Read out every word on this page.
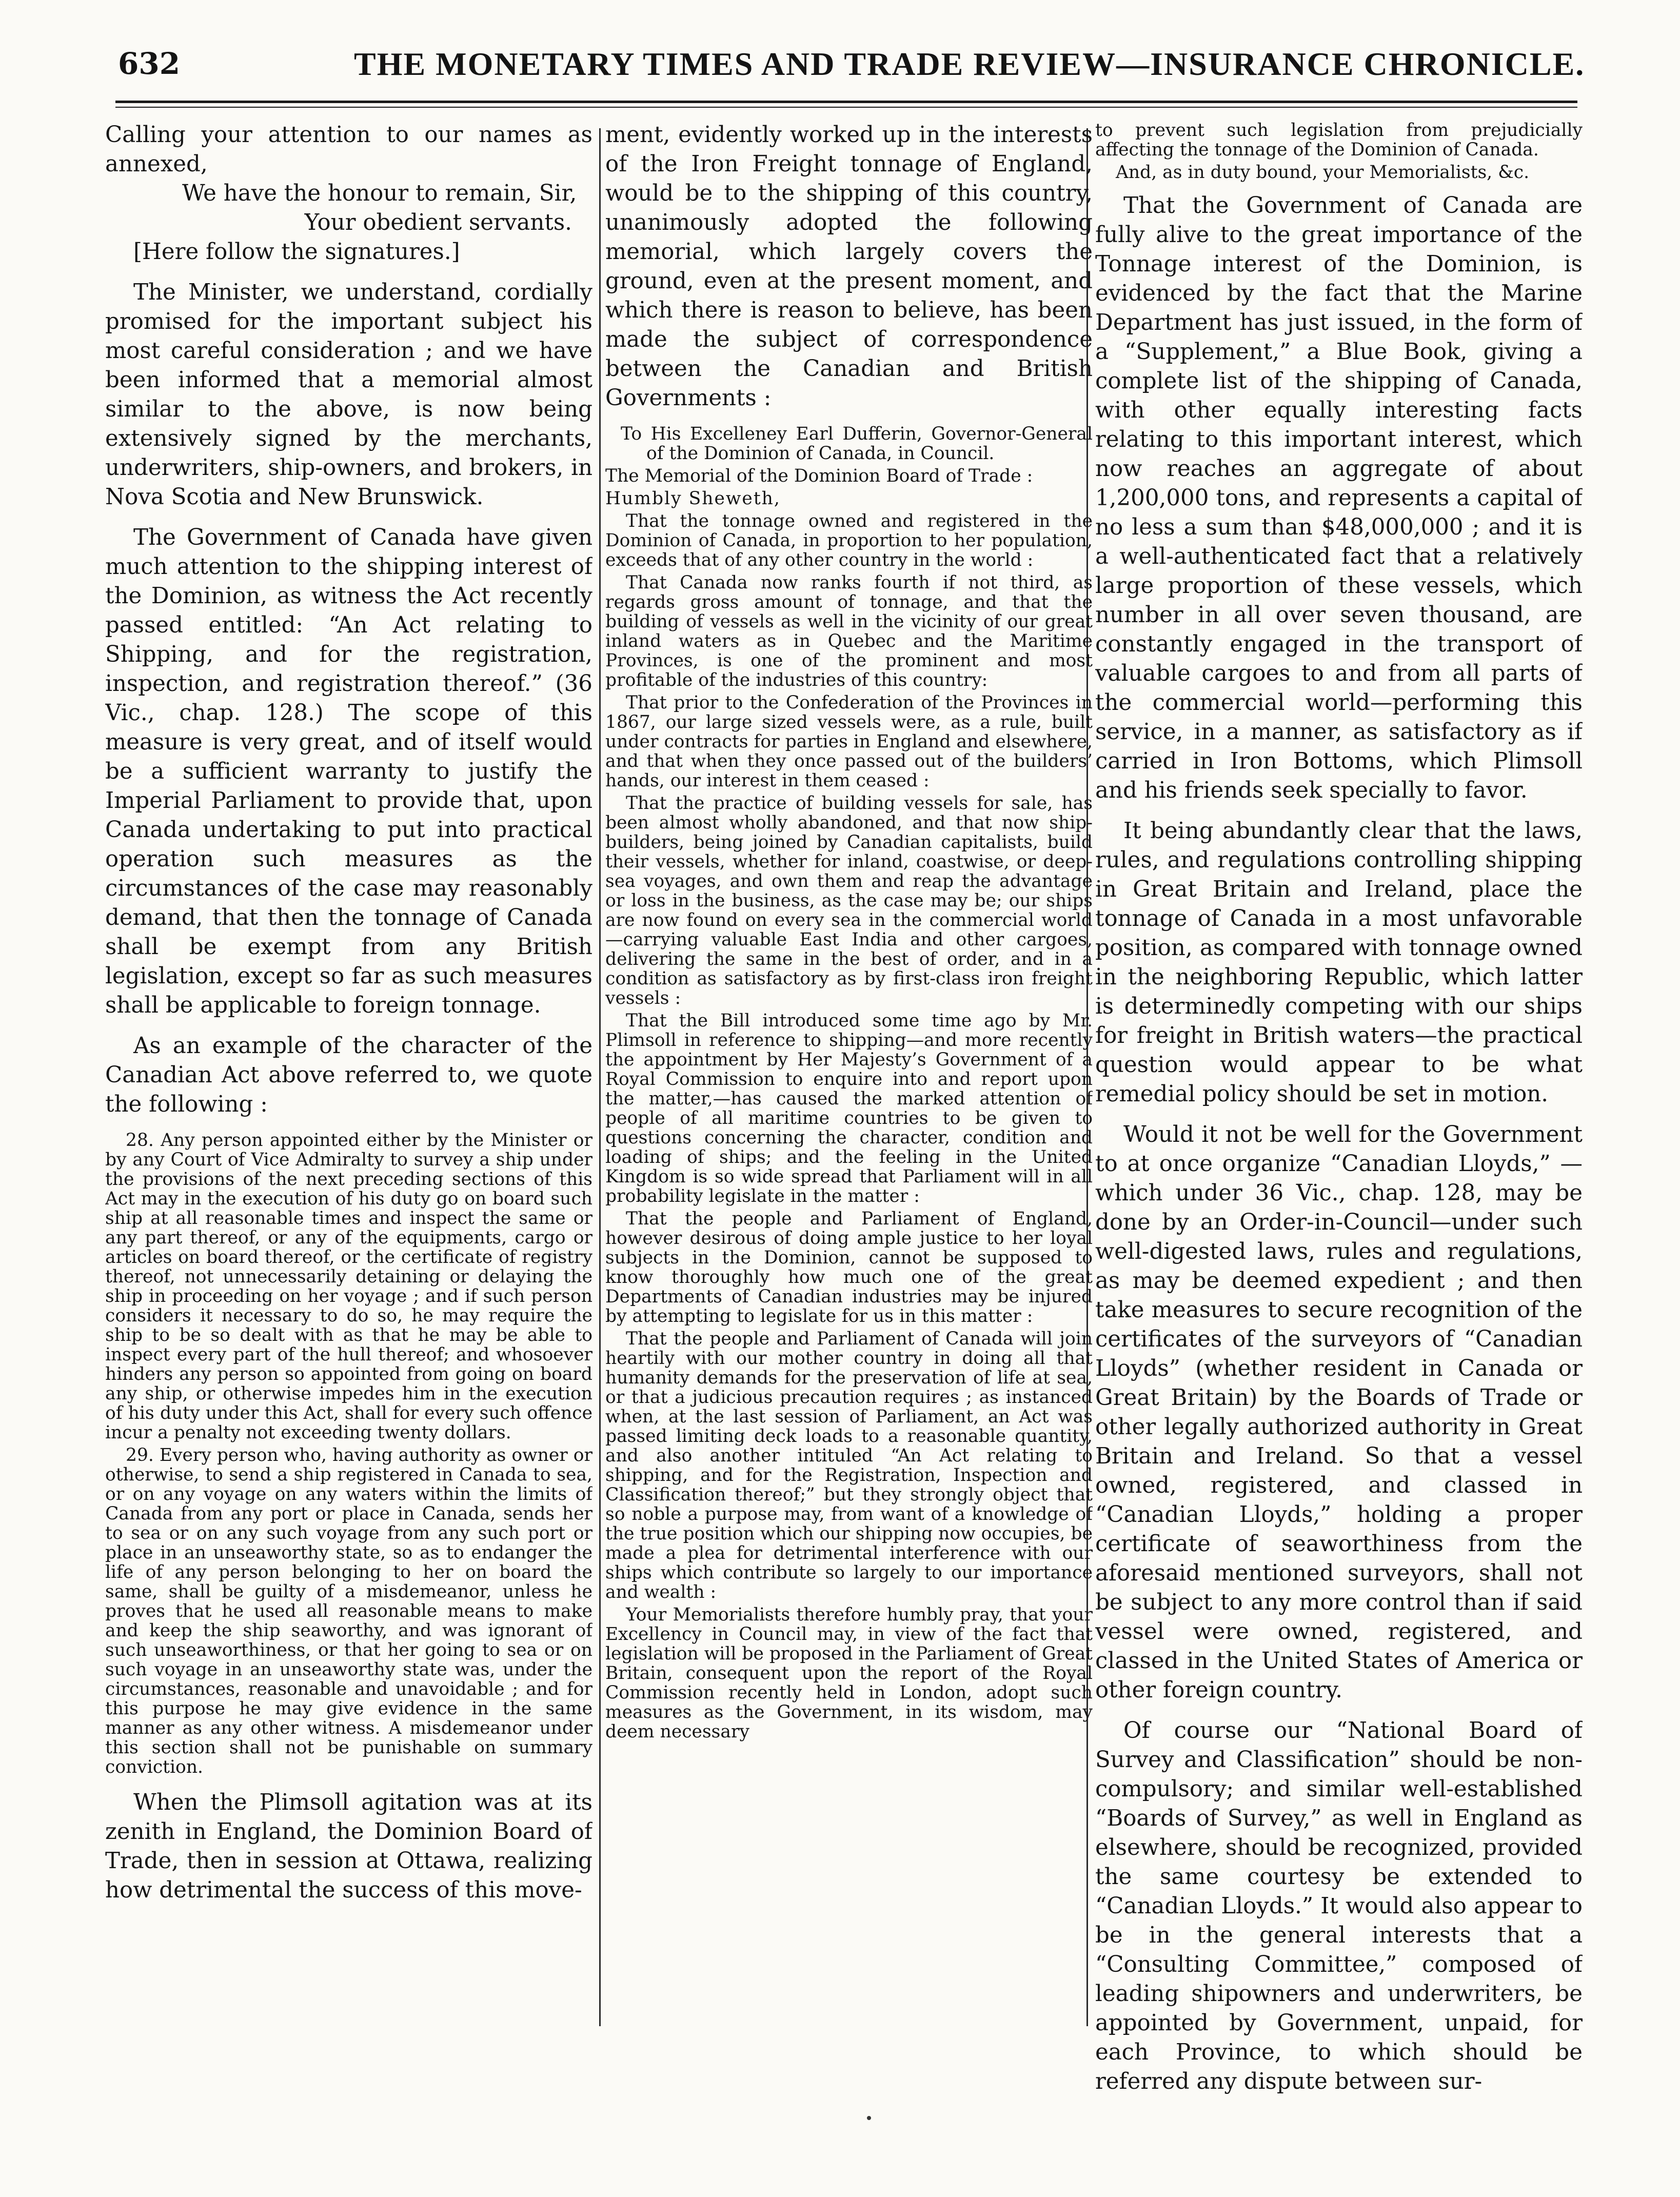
632	THE MONETARY TIMES AND TRADE REVIEW—INSURANCE CHRONICLE.

Calling your attention to our names as annexed,

We have the honour to remain, Sir,

Your obedient servants.

[Here follow the signatures.]

The Minister, we understand, cordially promised for the important subject his most careful consideration ; and we have been informed that a memorial almost similar to the above, is now being extensively signed by the merchants, underwriters, ship-owners, and brokers, in Nova Scotia and New Brunswick.

The Government of Canada have given much attention to the shipping interest of the Dominion, as witness the Act recently passed entitled: “An Act relating to Shipping, and for the registration, inspection, and registration thereof.” (36 Vic., chap. 128.) The scope of this measure is very great, and of itself would be a sufficient warranty to justify the Imperial Parliament to provide that, upon Canada undertaking to put into practical operation such measures as the circumstances of the case may reasonably demand, that then the tonnage of Canada shall be exempt from any British legislation, except so far as such measures shall be applicable to foreign tonnage.

As an example of the character of the Canadian Act above referred to, we quote the following :

28. Any person appointed either by the Minister or by any Court of Vice Admiralty to survey a ship under the provisions of the next preceding sections of this Act may in the execution of his duty go on board such ship at all reasonable times and inspect the same or any part thereof, or any of the equipments, cargo or articles on board thereof, or the certificate of registry thereof, not unnecessarily detaining or delaying the ship in proceeding on her voyage ; and if such person considers it necessary to do so, he may require the ship to be so dealt with as that he may be able to inspect every part of the hull thereof; and whosoever hinders any person so appointed from going on board any ship, or otherwise impedes him in the execution of his duty under this Act, shall for every such offence incur a penalty not exceeding twenty dollars.

29. Every person who, having authority as owner or otherwise, to send a ship registered in Canada to sea, or on any voyage on any waters within the limits of Canada from any port or place in Canada, sends her to sea or on any such voyage from any such port or place in an unseaworthy state, so as to endanger the life of any person belonging to her on board the same, shall be guilty of a misdemeanor, unless he proves that he used all reasonable means to make and keep the ship seaworthy, and was ignorant of such unseaworthiness, or that her going to sea or on such voyage in an unseaworthy state was, under the circumstances, reasonable and unavoidable ; and for this purpose he may give evidence in the same manner as any other witness. A misdemeanor under this section shall not be punishable on summary conviction.

When the Plimsoll agitation was at its zenith in England, the Dominion Board of Trade, then in session at Ottawa, realizing how detrimental the success of this move-

ment, evidently worked up in the interests of the Iron Freight tonnage of England, would be to the shipping of this country, unanimously adopted the following memorial, which largely covers the ground, even at the present moment, and which there is reason to believe, has been made the subject of correspondence between the Canadian and British Governments :

To His Excelleney Earl Dufferin, Governor-General of the Dominion of Canada, in Council.

The Memorial of the Dominion Board of Trade :

Humbly Sheweth,

That the tonnage owned and registered in the Dominion of Canada, in proportion to her population, exceeds that of any other country in the world :

That Canada now ranks fourth if not third, as regards gross amount of tonnage, and that the building of vessels as well in the vicinity of our great inland waters as in Quebec and the Maritime Provinces, is one of the prominent and most profitable of the industries of this country:

That prior to the Confederation of the Provinces in 1867, our large sized vessels were, as a rule, built under contracts for parties in England and elsewhere, and that when they once passed out of the builders’ hands, our interest in them ceased :

That the practice of building vessels for sale, has been almost wholly abandoned, and that now ship-builders, being joined by Canadian capitalists, build their vessels, whether for inland, coastwise, or deep-sea voyages, and own them and reap the advantage or loss in the business, as the case may be; our ships are now found on every sea in the commercial world—carrying valuable East India and other cargoes, delivering the same in the best of order, and in a condition as satisfactory as by first-class iron freight vessels :

That the Bill introduced some time ago by Mr. Plimsoll in reference to shipping—and more recently the appointment by Her Majesty’s Government of a Royal Commission to enquire into and report upon the matter,—has caused the marked attention of people of all maritime countries to be given to questions concerning the character, condition and loading of ships; and the feeling in the United Kingdom is so wide spread that Parliament will in all probability legislate in the matter :

That the people and Parliament of England, however desirous of doing ample justice to her loyal subjects in the Dominion, cannot be supposed to know thoroughly how much one of the great Departments of Canadian industries may be injured by attempting to legislate for us in this matter :

That the people and Parliament of Canada will join heartily with our mother country in doing all that humanity demands for the preservation of life at sea, or that a judicious precaution requires ; as instanced when, at the last session of Parliament, an Act was passed limiting deck loads to a reasonable quantity, and also another intituled “An Act relating to shipping, and for the Registration, Inspection and Classification thereof;” but they strongly object that so noble a purpose may, from want of a knowledge of the true position which our shipping now occupies, be made a plea for detrimental interference with our ships which contribute so largely to our importance and wealth :

Your Memorialists therefore humbly pray, that your Excellency in Council may, in view of the fact that legislation will be proposed in the Parliament of Great Britain, consequent upon the report of the Royal Commission recently held in London, adopt such measures as the Government, in its wisdom, may deem necessary

to prevent such legislation from prejudicially affecting the tonnage of the Dominion of Canada.

And, as in duty bound, your Memorialists, &c.

That the Government of Canada are fully alive to the great importance of the Tonnage interest of the Dominion, is evidenced by the fact that the Marine Department has just issued, in the form of a “Supplement,” a Blue Book, giving a complete list of the shipping of Canada, with other equally interesting facts relating to this important interest, which now reaches an aggregate of about 1,200,000 tons, and represents a capital of no less a sum than $48,000,000 ; and it is a well-authenticated fact that a relatively large proportion of these vessels, which number in all over seven thousand, are constantly engaged in the transport of valuable cargoes to and from all parts of the commercial world—performing this service, in a manner, as satisfactory as if carried in Iron Bottoms, which Plimsoll and his friends seek specially to favor.

It being abundantly clear that the laws, rules, and regulations controlling shipping in Great Britain and Ireland, place the tonnage of Canada in a most unfavorable position, as compared with tonnage owned in the neighboring Republic, which latter is determinedly competing with our ships for freight in British waters—the practical question would appear to be what remedial policy should be set in motion.

Would it not be well for the Government to at once organize “Canadian Lloyds,” —which under 36 Vic., chap. 128, may be done by an Order-in-Council—under such well-digested laws, rules and regulations, as may be deemed expedient ; and then take measures to secure recognition of the certificates of the surveyors of “Canadian Lloyds” (whether resident in Canada or Great Britain) by the Boards of Trade or other legally authorized authority in Great Britain and Ireland. So that a vessel owned, registered, and classed in “Canadian Lloyds,” holding a proper certificate of seaworthiness from the aforesaid mentioned surveyors, shall not be subject to any more control than if said vessel were owned, registered, and classed in the United States of America or other foreign country.

Of course our “National Board of Survey and Classification” should be non-compulsory; and similar well-established “Boards of Survey,” as well in England as elsewhere, should be recognized, provided the same courtesy be extended to “Canadian Lloyds.” It would also appear to be in the general interests that a “Consulting Committee,” composed of leading shipowners and underwriters, be appointed by Government, unpaid, for each Province, to which should be referred any dispute between sur-
